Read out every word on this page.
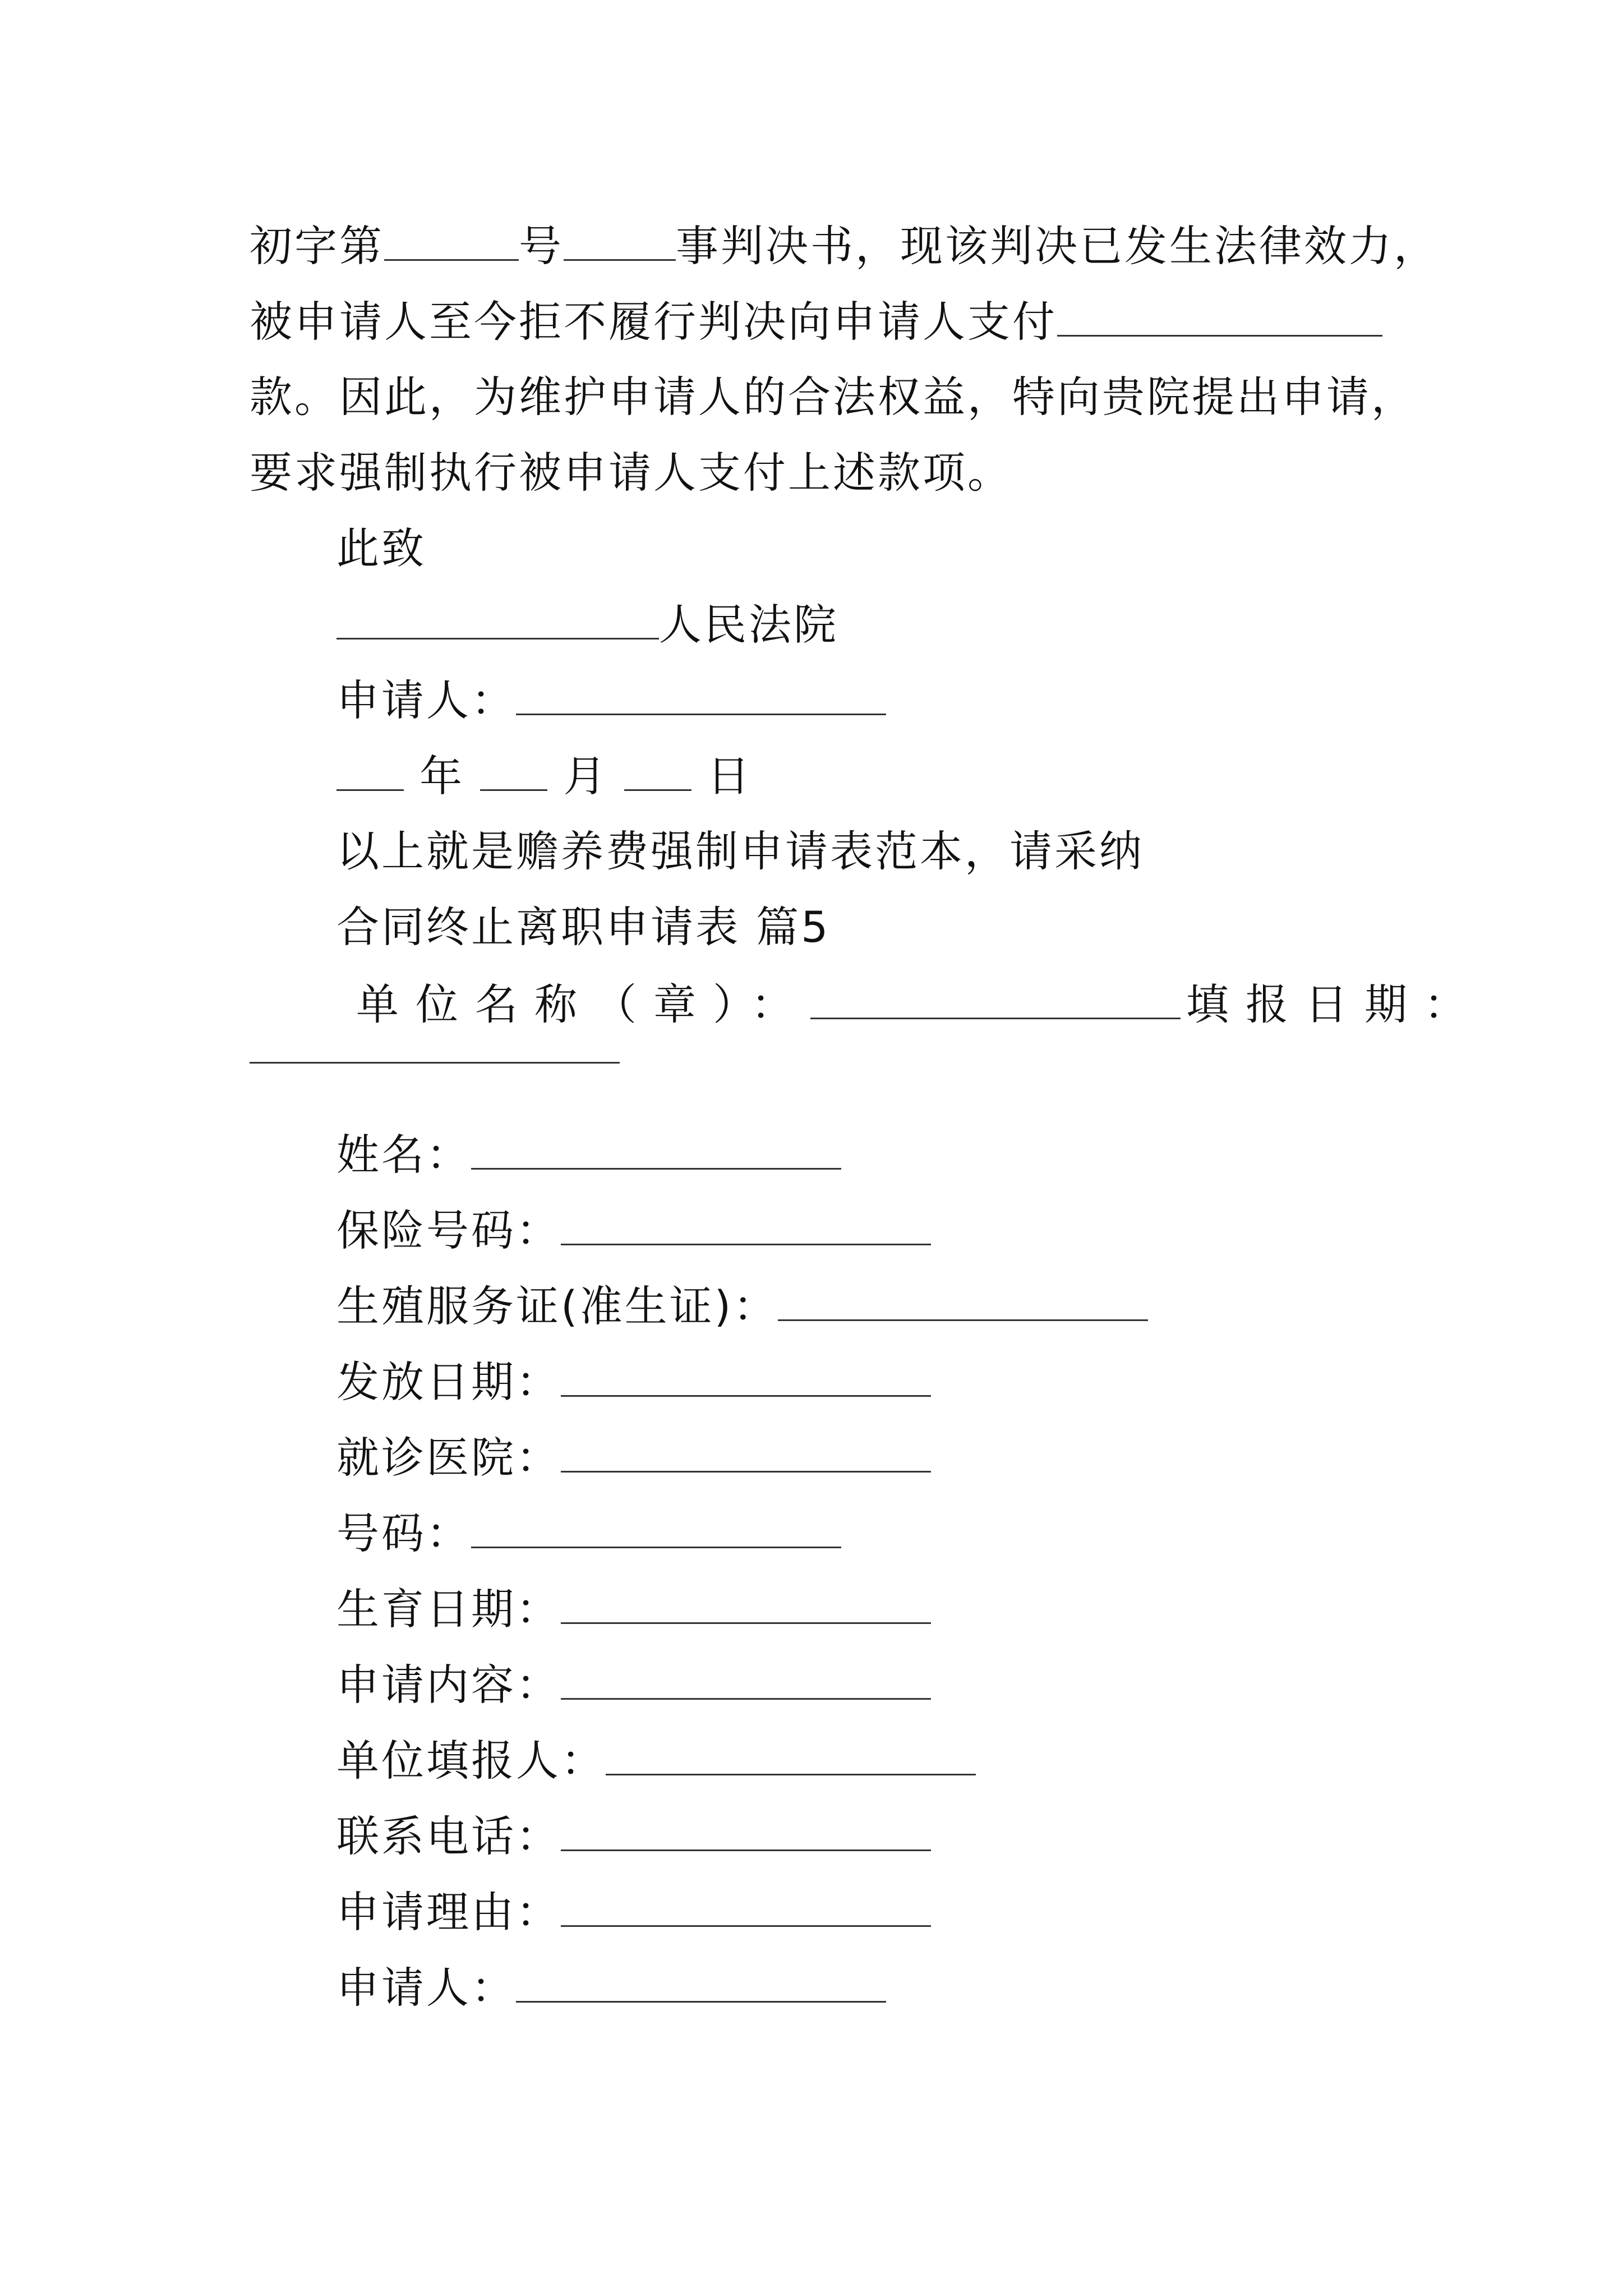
初字第	号	事判决书，现该判决已发生法律效力，
被申请人至今拒不履行判决向申请人支付
款。因此，为维护申请人的合法权益，特向贵院提出申请，
要求强制执行被申请人支付上述款项。
此致
人民法院
申请人：
年 月 日
以上就是赡养费强制申请表范本，请采纳
合同终止离职申请表 篇5
单位名称（章）：	填报日期：
姓名：
保险号码：
生殖服务证(准生证)：
发放日期：
就诊医院：
号码：
生育日期：
申请内容：
单位填报人：
联系电话：
申请理由：
申请人：
